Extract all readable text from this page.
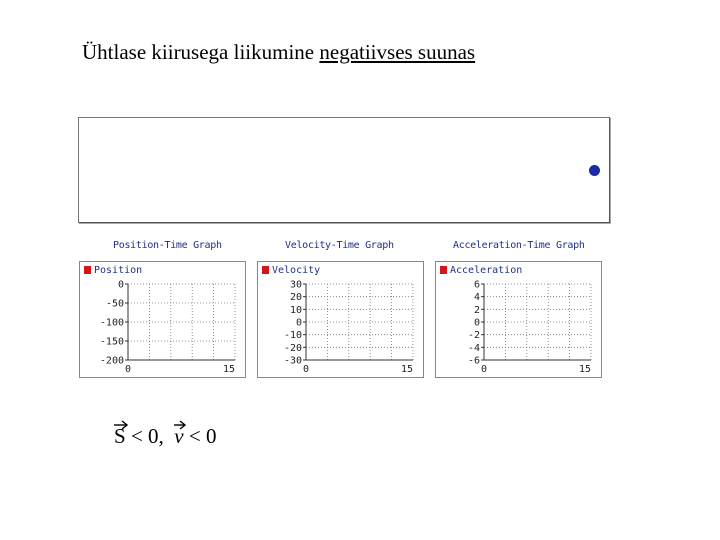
Ühtlase kiirusega liikumine negatiivses suunas
Position-Time Graph	Velocity-Time Graph	Acceleration-Time Graph
Position
0
-50
-100
-150
-200
0	15
Velocity
30
20
10
0
-10
-20
-30
0	15
Acceleration
6
4
2
0
-2
-4
-6
0	15
S < 0,
v < 0
